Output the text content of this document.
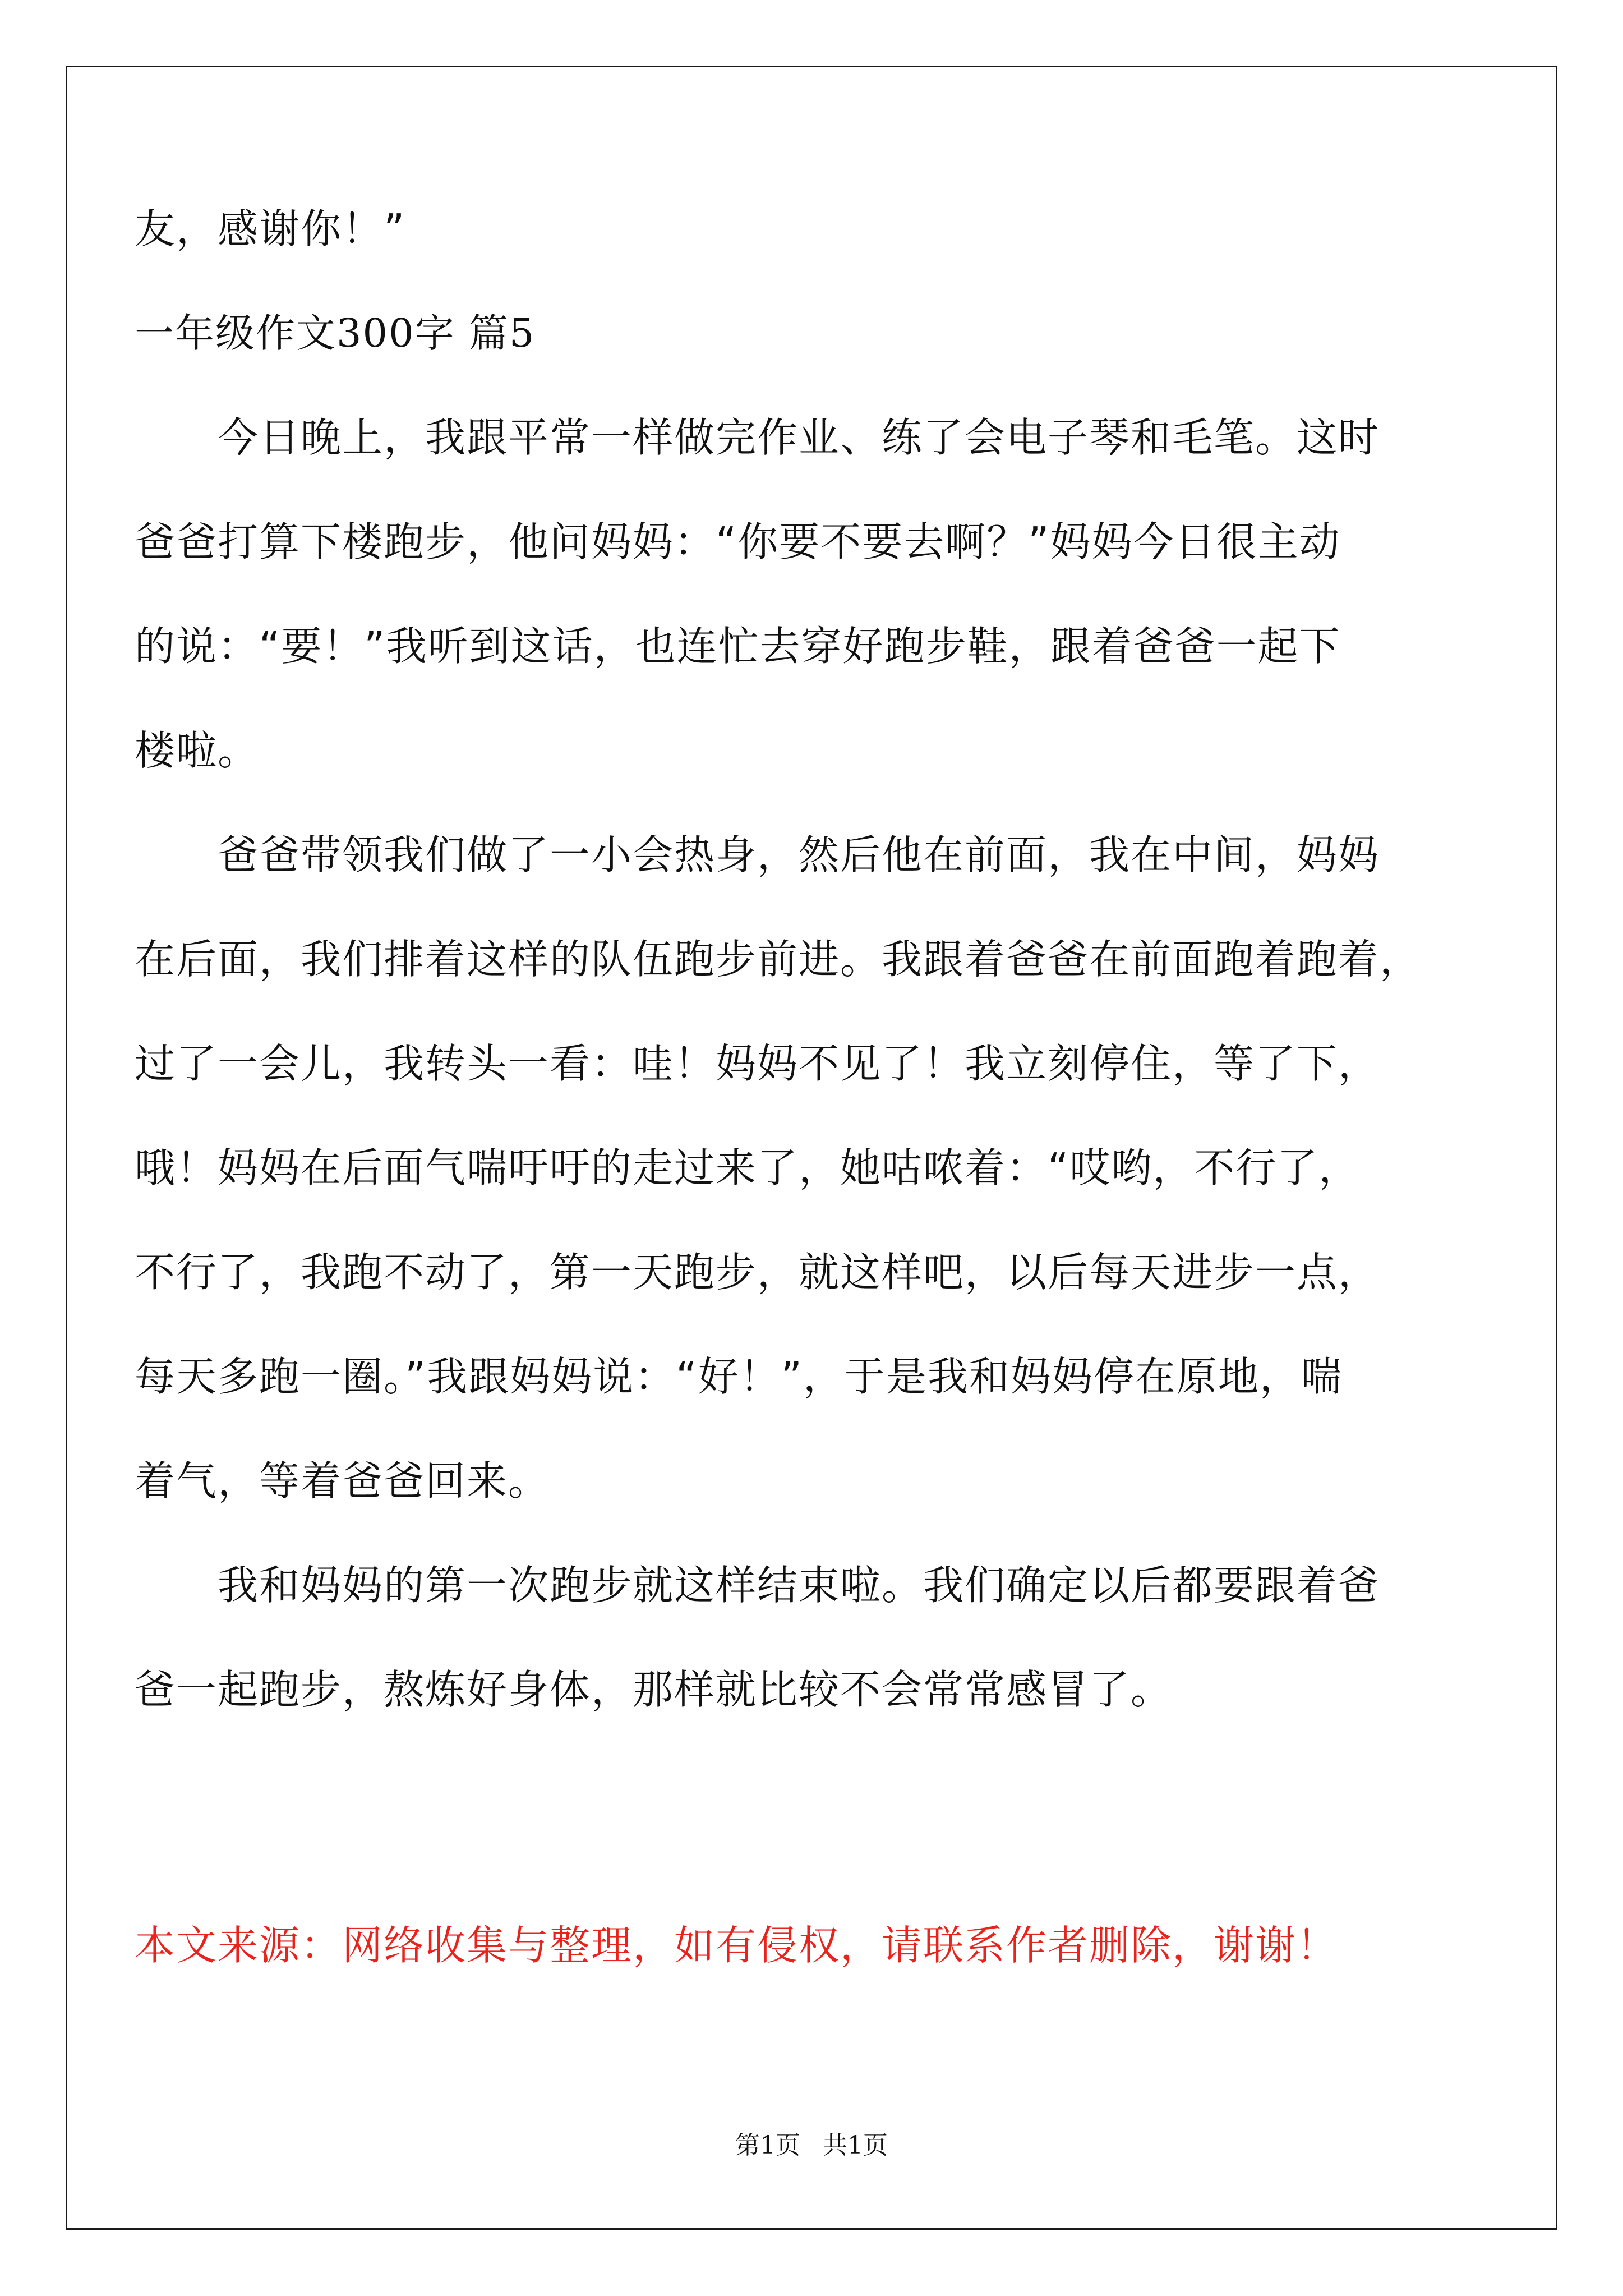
友，感谢你！”
一年级作文300字 篇5
　　今日晚上，我跟平常一样做完作业、练了会电子琴和毛笔。这时
爸爸打算下楼跑步，他问妈妈：“你要不要去啊？”妈妈今日很主动
的说：“要！”我听到这话，也连忙去穿好跑步鞋，跟着爸爸一起下
楼啦。
　　爸爸带领我们做了一小会热身，然后他在前面，我在中间，妈妈
在后面，我们排着这样的队伍跑步前进。我跟着爸爸在前面跑着跑着，
过了一会儿，我转头一看：哇！妈妈不见了！我立刻停住，等了下，
哦！妈妈在后面气喘吁吁的走过来了，她咕哝着：“哎哟，不行了，
不行了，我跑不动了，第一天跑步，就这样吧，以后每天进步一点，
每天多跑一圈。”我跟妈妈说：“好！”，于是我和妈妈停在原地，喘
着气，等着爸爸回来。
　　我和妈妈的第一次跑步就这样结束啦。我们确定以后都要跟着爸
爸一起跑步，熬炼好身体，那样就比较不会常常感冒了。
本文来源：网络收集与整理，如有侵权，请联系作者删除，谢谢！
第1页 共1页
